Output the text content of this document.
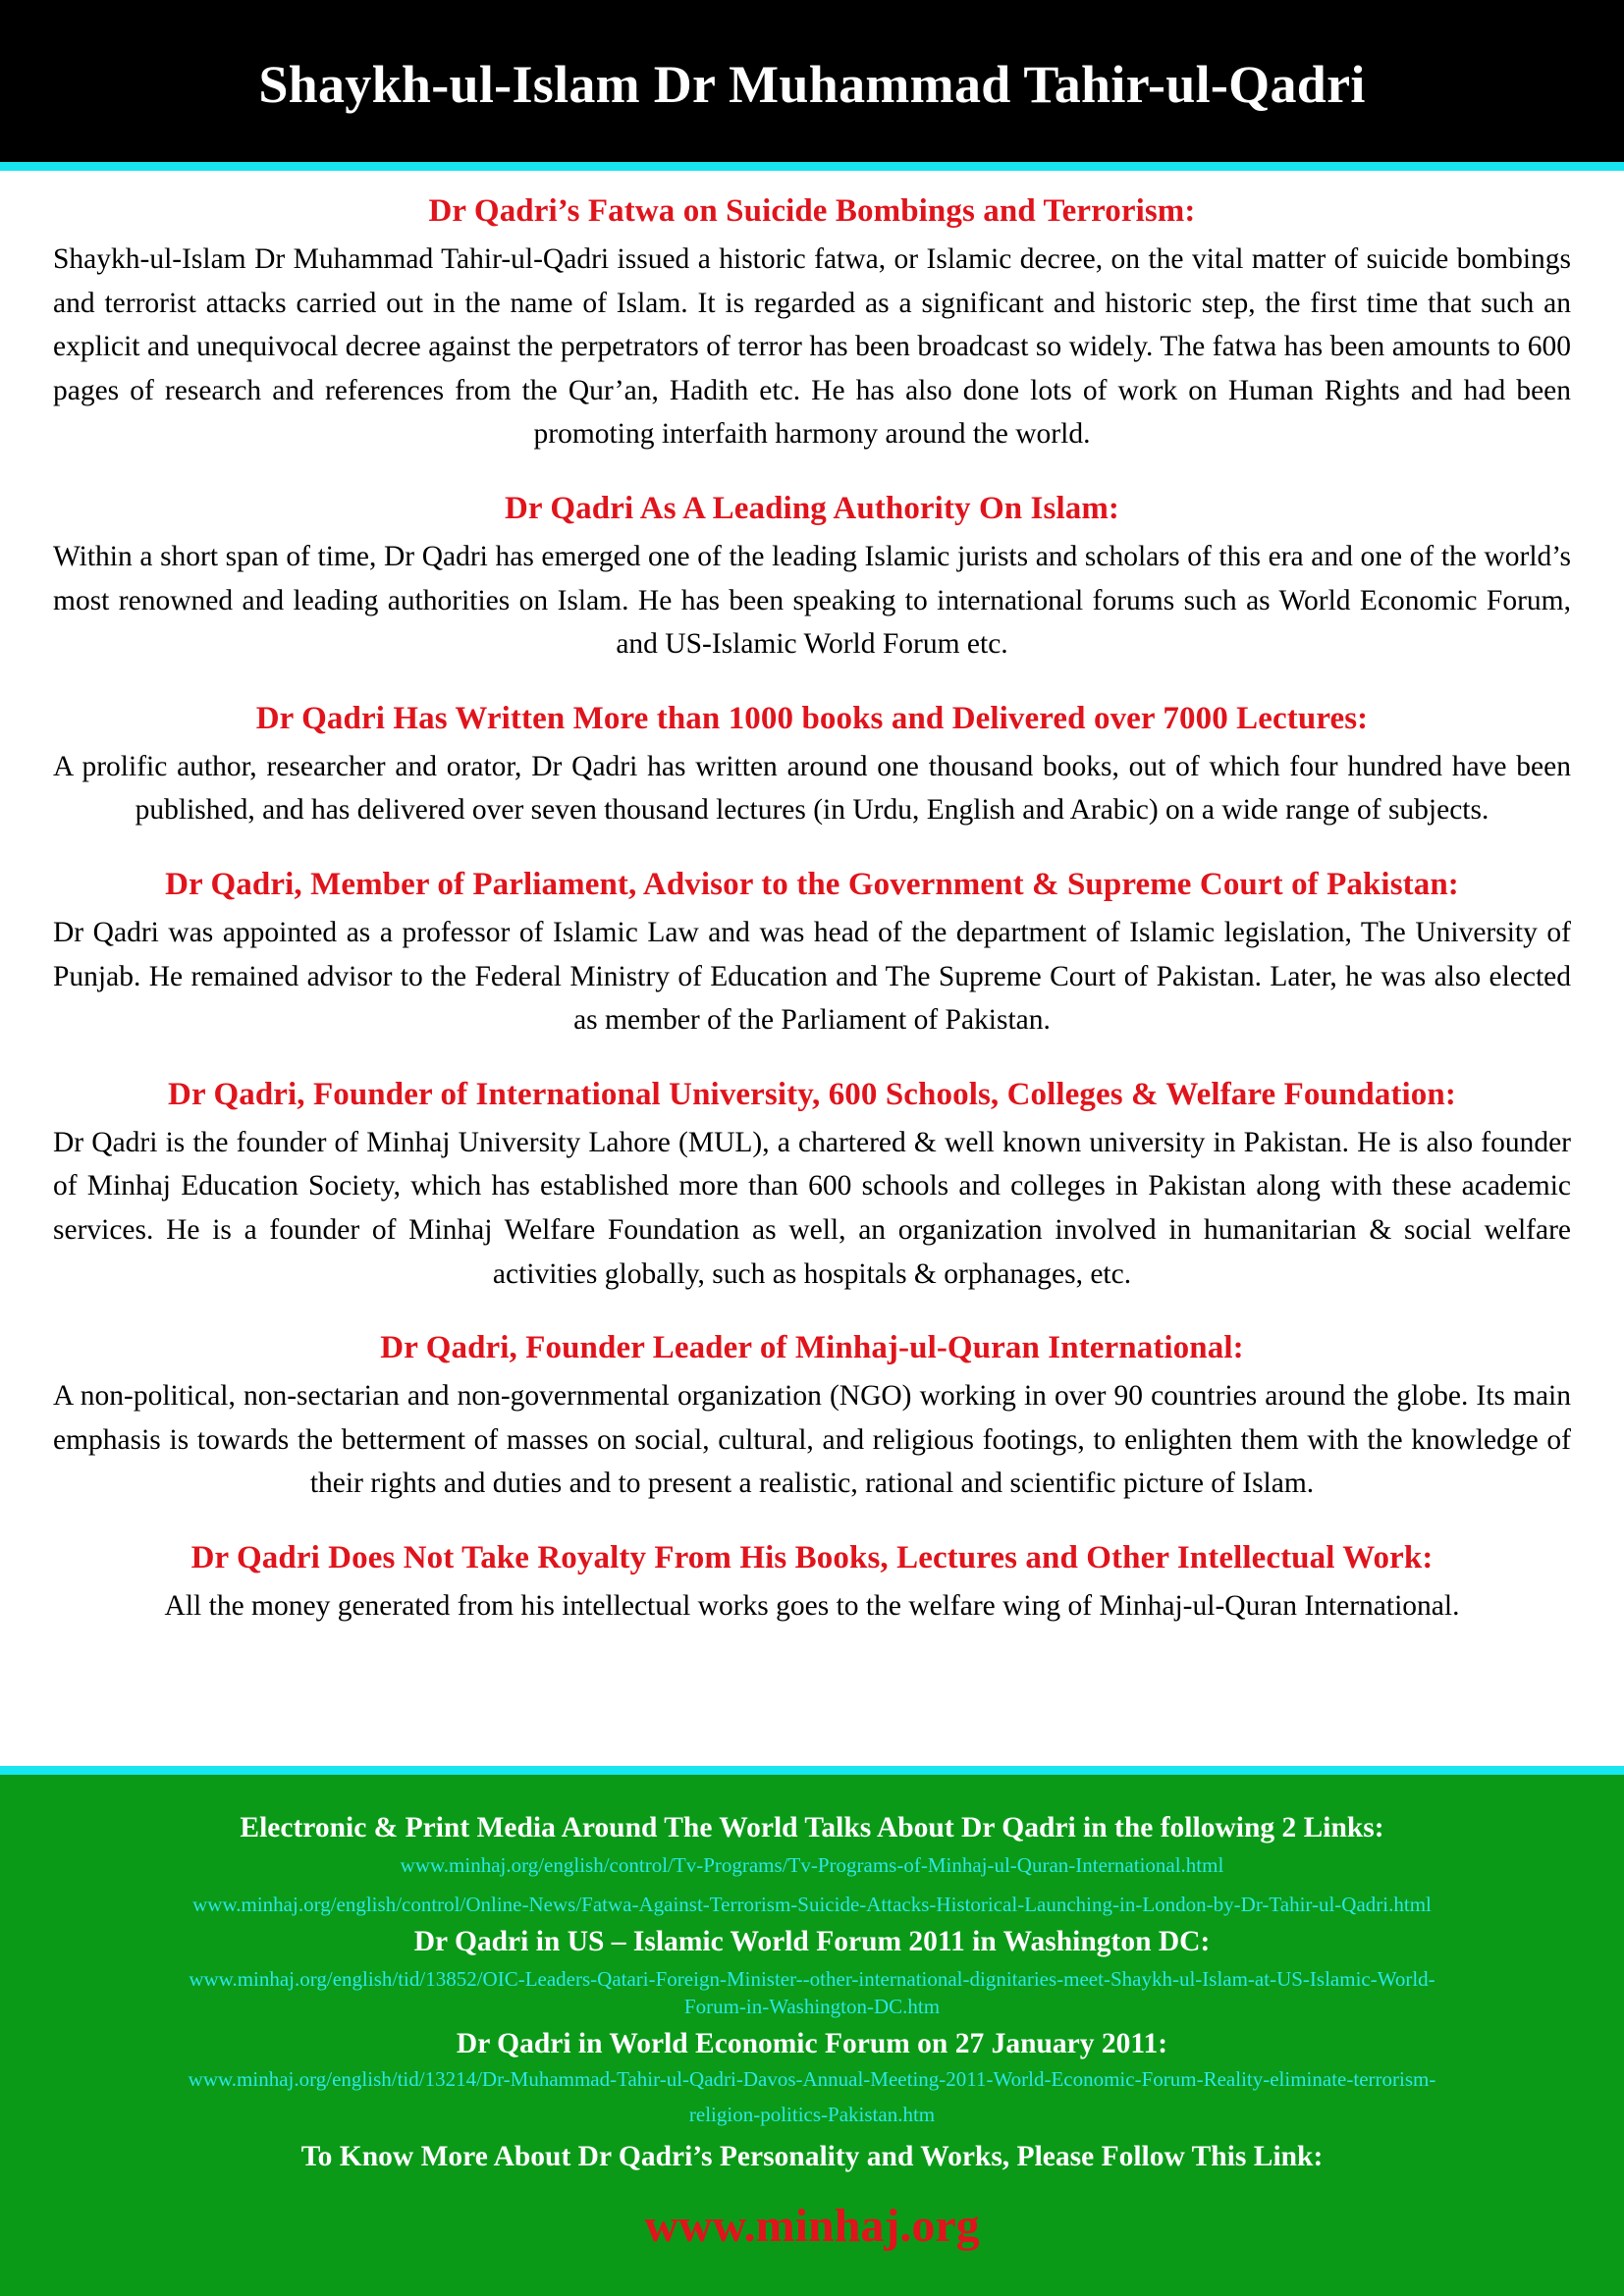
Shaykh-ul-Islam Dr Muhammad Tahir-ul-Qadri
Dr Qadri’s Fatwa on Suicide Bombings and Terrorism:

Shaykh-ul-Islam Dr Muhammad Tahir-ul-Qadri issued a historic fatwa, or Islamic decree, on the vital matter of suicide bombings and terrorist attacks carried out in the name of Islam. It is regarded as a significant and historic step, the first time that such an explicit and unequivocal decree against the perpetrators of terror has been broadcast so widely. The fatwa has been amounts to 600 pages of research and references from the Qur’an, Hadith etc. He has also done lots of work on Human Rights and had been promoting interfaith harmony around the world.

Dr Qadri As A Leading Authority On Islam:

Within a short span of time, Dr Qadri has emerged one of the leading Islamic jurists and scholars of this era and one of the world’s most renowned and leading authorities on Islam. He has been speaking to international forums such as World Economic Forum, and US-Islamic World Forum etc.

Dr Qadri Has Written More than 1000 books and Delivered over 7000 Lectures:

A prolific author, researcher and orator, Dr Qadri has written around one thousand books, out of which four hundred have been published, and has delivered over seven thousand lectures (in Urdu, English and Arabic) on a wide range of subjects.

Dr Qadri, Member of Parliament, Advisor to the Government & Supreme Court of Pakistan:

Dr Qadri was appointed as a professor of Islamic Law and was head of the department of Islamic legislation, The University of Punjab. He remained advisor to the Federal Ministry of Education and The Supreme Court of Pakistan. Later, he was also elected as member of the Parliament of Pakistan.

Dr Qadri, Founder of International University, 600 Schools, Colleges & Welfare Foundation:

Dr Qadri is the founder of Minhaj University Lahore (MUL), a chartered & well known university in Pakistan. He is also founder of Minhaj Education Society, which has established more than 600 schools and colleges in Pakistan along with these academic services. He is a founder of Minhaj Welfare Foundation as well, an organization involved in humanitarian & social welfare activities globally, such as hospitals & orphanages, etc.

Dr Qadri, Founder Leader of Minhaj-ul-Quran International:

A non-political, non-sectarian and non-governmental organization (NGO) working in over 90 countries around the globe. Its main emphasis is towards the betterment of masses on social, cultural, and religious footings, to enlighten them with the knowledge of their rights and duties and to present a realistic, rational and scientific picture of Islam.

Dr Qadri Does Not Take Royalty From His Books, Lectures and Other Intellectual Work:

All the money generated from his intellectual works goes to the welfare wing of Minhaj-ul-Quran International.

Electronic & Print Media Around The World Talks About Dr Qadri in the following 2 Links:
www.minhaj.org/english/control/Tv-Programs/Tv-Programs-of-Minhaj-ul-Quran-International.html
www.minhaj.org/english/control/Online-News/Fatwa-Against-Terrorism-Suicide-Attacks-Historical-Launching-in-London-by-Dr-Tahir-ul-Qadri.html
Dr Qadri in US – Islamic World Forum 2011 in Washington DC:
www.minhaj.org/english/tid/13852/OIC-Leaders-Qatari-Foreign-Minister--other-international-dignitaries-meet-Shaykh-ul-Islam-at-US-Islamic-World-
Forum-in-Washington-DC.htm
Dr Qadri in World Economic Forum on 27 January 2011:
www.minhaj.org/english/tid/13214/Dr-Muhammad-Tahir-ul-Qadri-Davos-Annual-Meeting-2011-World-Economic-Forum-Reality-eliminate-terrorism-
religion-politics-Pakistan.htm
To Know More About Dr Qadri’s Personality and Works, Please Follow This Link:
www.minhaj.org
